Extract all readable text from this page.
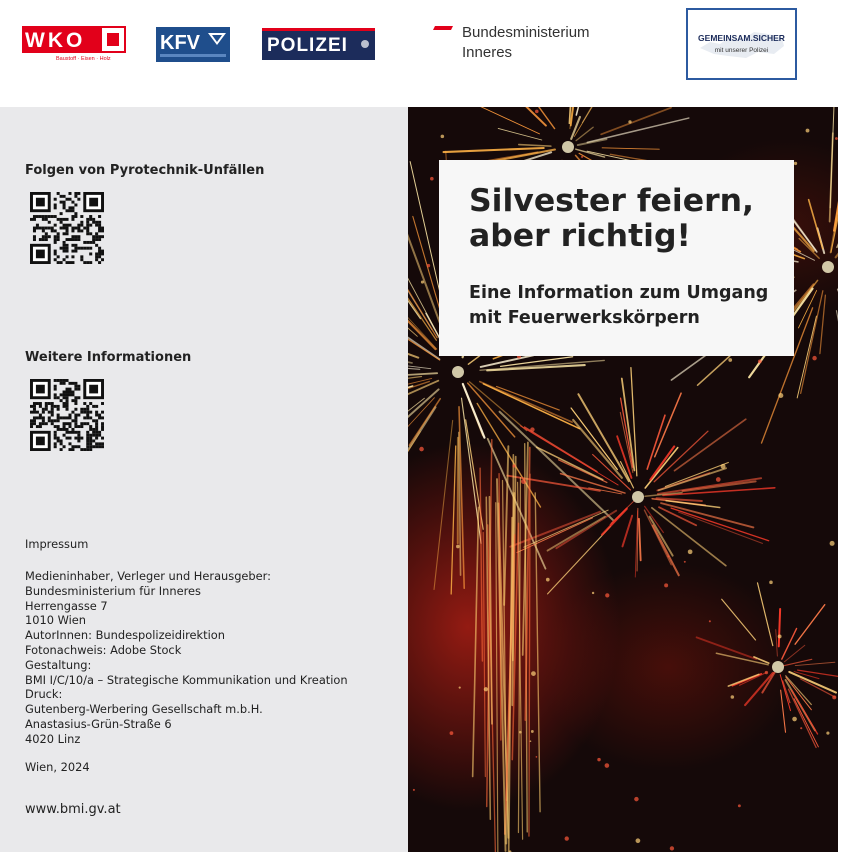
WKO
Baustoff · Eisen · Holz
KFV	POLIZEI
Bundesministerium
Inneres
GEMEINSAM.SICHER
mit unserer Polizei
Folgen von Pyrotechnik-Unfällen
Weitere Informationen
Impressum
Medieninhaber, Verleger und Herausgeber:
Bundesministerium für Inneres
Herrengasse 7
1010 Wien
AutorInnen: Bundespolizeidirektion
Fotonachweis: Adobe Stock
Gestaltung:
BMI I/C/10/a – Strategische Kommunikation und Kreation
Druck:
Gutenberg-Werbering Gesellschaft m.b.H.
Anastasius-Grün-Straße 6
4020 Linz
Wien, 2024
www.bmi.gv.at
Silvester feiern,
aber richtig!
Eine Information zum Umgang
mit Feuerwerkskörpern
